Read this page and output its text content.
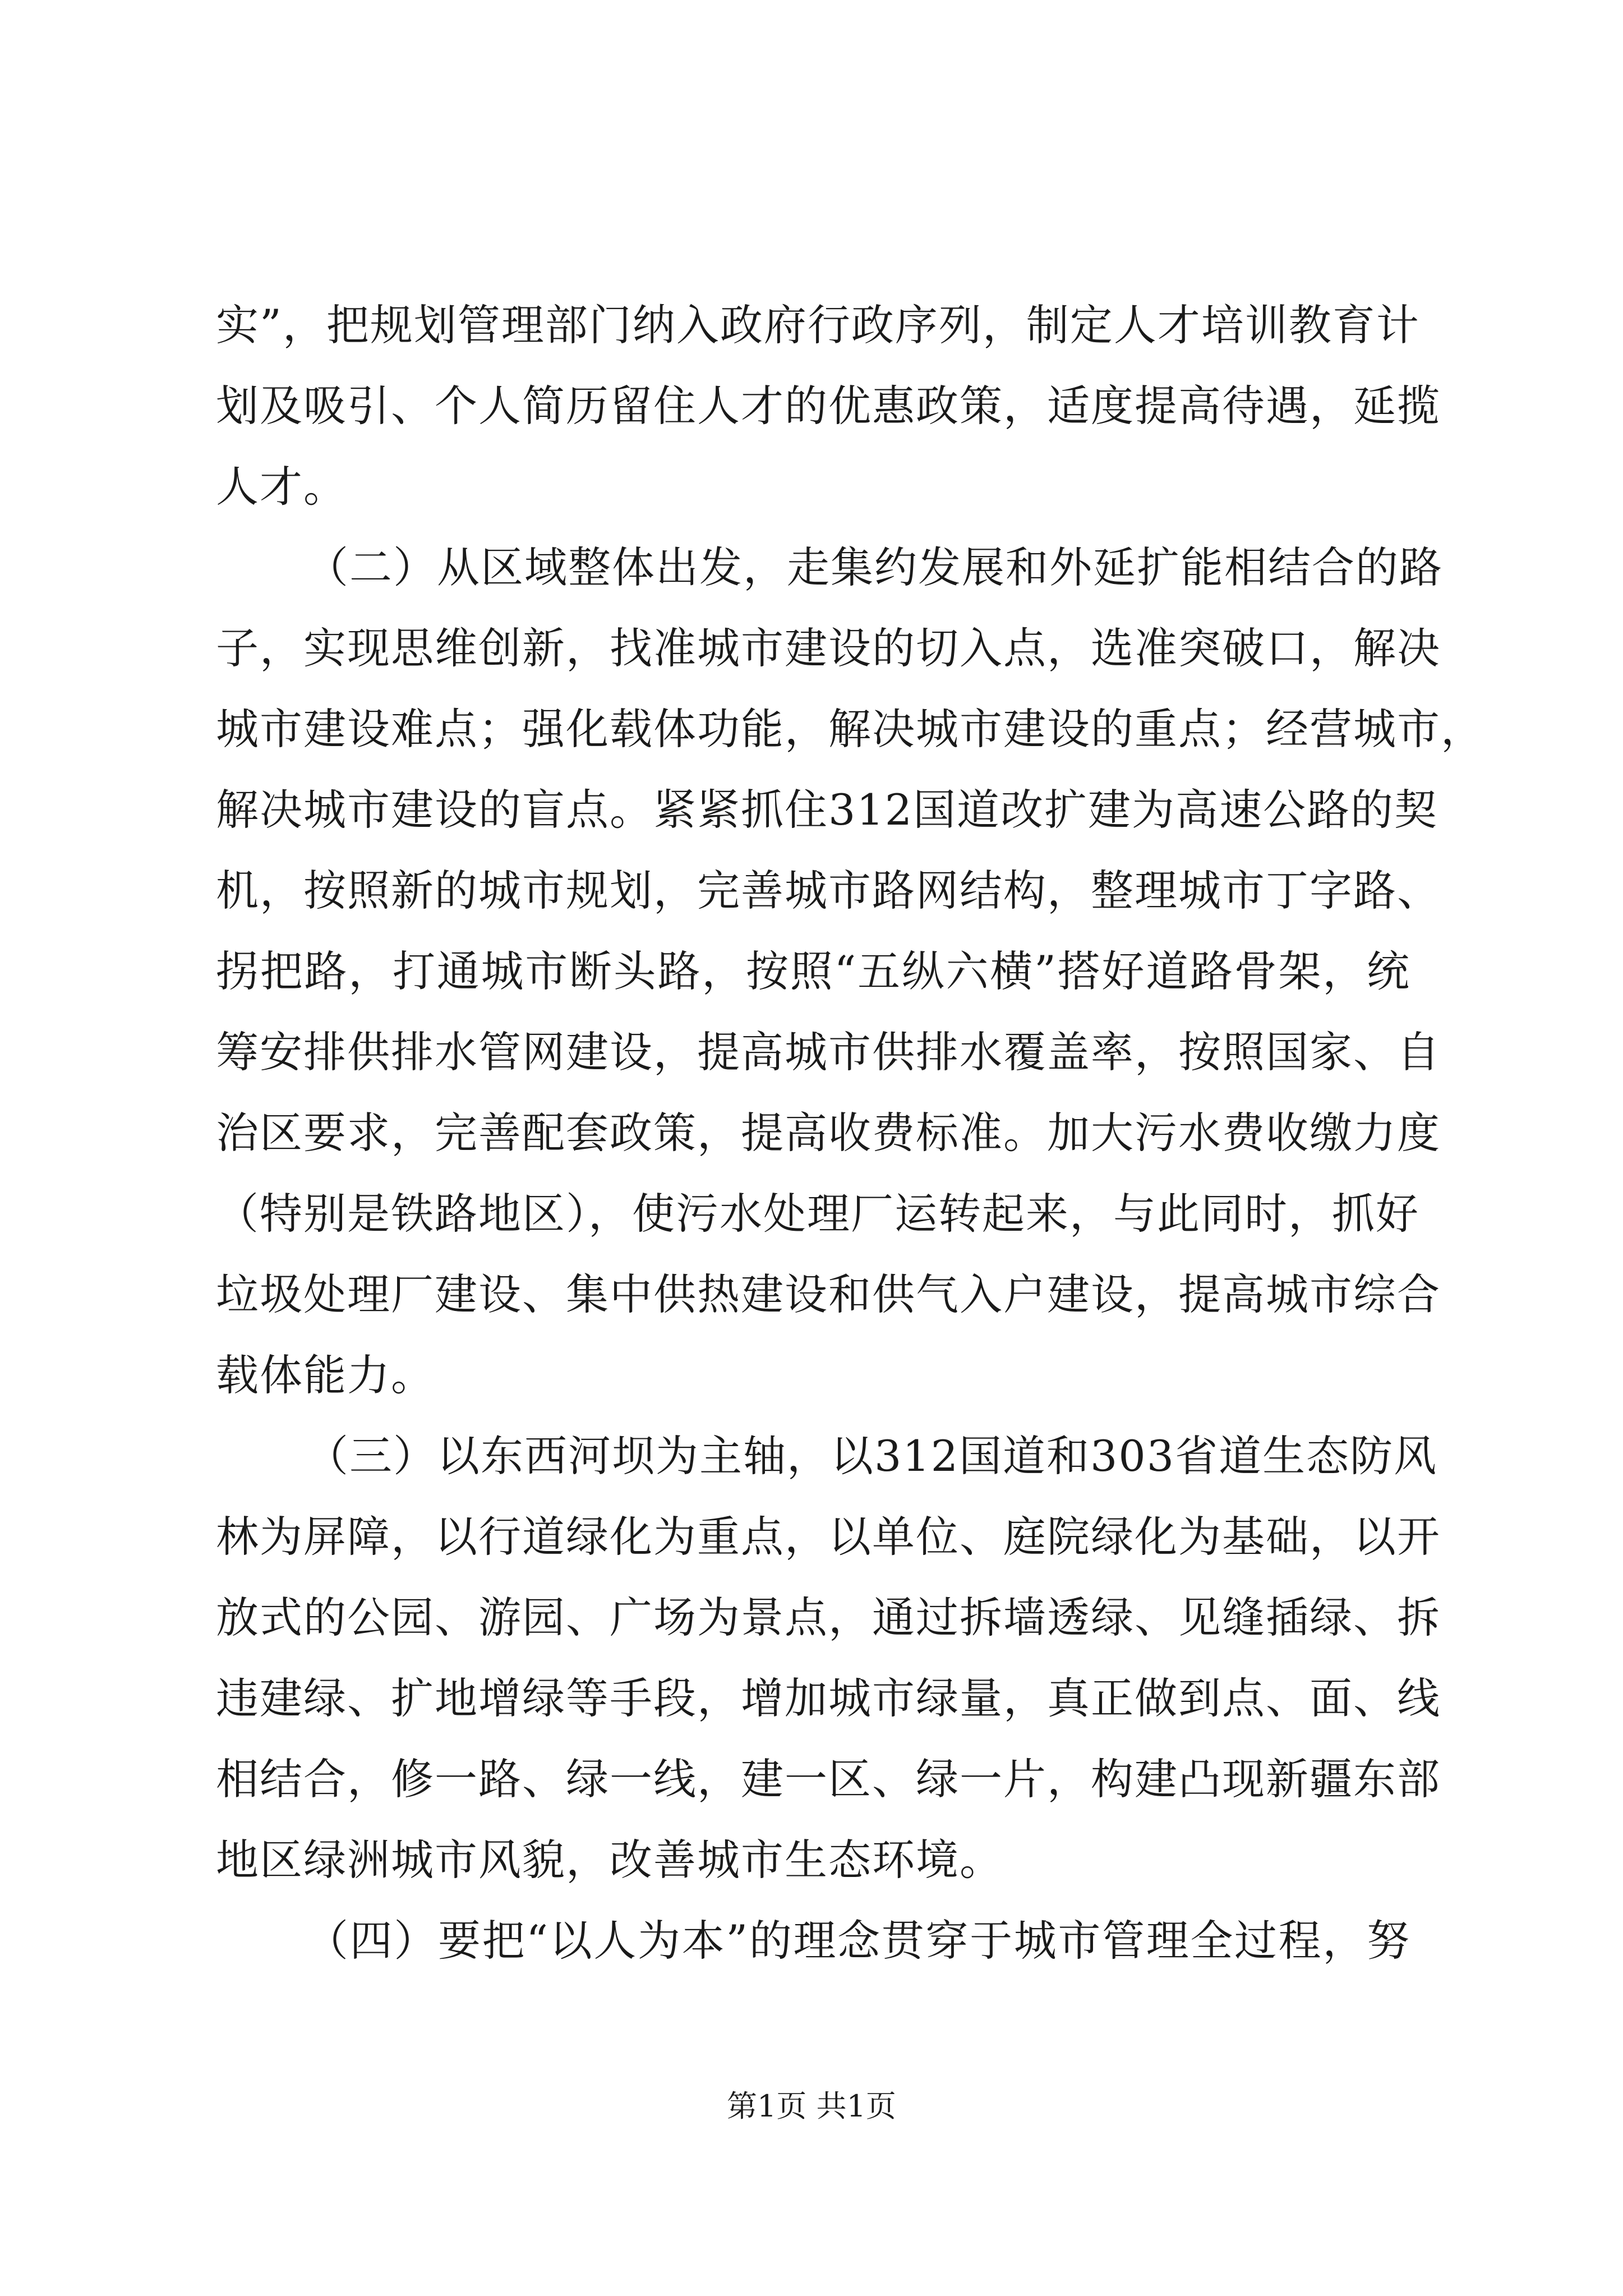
实”，把规划管理部门纳入政府行政序列，制定人才培训教育计
划及吸引、个人简历留住人才的优惠政策，适度提高待遇，延揽
人才。
（二）从区域整体出发，走集约发展和外延扩能相结合的路
子，实现思维创新，找准城市建设的切入点，选准突破口，解决
城市建设难点；强化载体功能，解决城市建设的重点；经营城市，
解决城市建设的盲点。紧紧抓住312国道改扩建为高速公路的契
机，按照新的城市规划，完善城市路网结构，整理城市丁字路、
拐把路，打通城市断头路，按照“五纵六横”搭好道路骨架，统
筹安排供排水管网建设，提高城市供排水覆盖率，按照国家、自
治区要求，完善配套政策，提高收费标准。加大污水费收缴力度
（特别是铁路地区），使污水处理厂运转起来，与此同时，抓好
垃圾处理厂建设、集中供热建设和供气入户建设，提高城市综合
载体能力。
（三）以东西河坝为主轴，以312国道和303省道生态防风
林为屏障，以行道绿化为重点，以单位、庭院绿化为基础，以开
放式的公园、游园、广场为景点，通过拆墙透绿、见缝插绿、拆
违建绿、扩地增绿等手段，增加城市绿量，真正做到点、面、线
相结合，修一路、绿一线，建一区、绿一片，构建凸现新疆东部
地区绿洲城市风貌，改善城市生态环境。
（四）要把“以人为本”的理念贯穿于城市管理全过程，努
第1页 共1页
